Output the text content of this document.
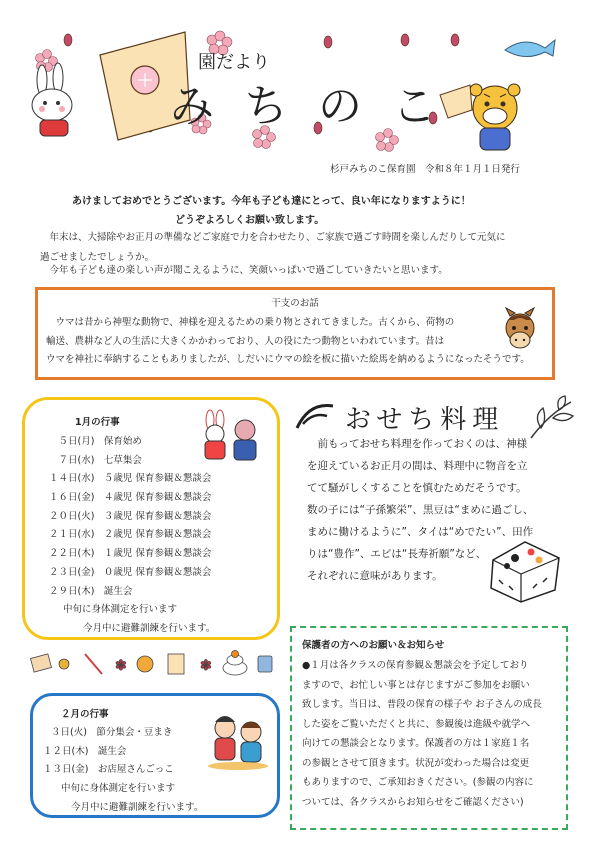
園だより
みちのこ
杉戸みちのこ保育園　令和８年１月１日発行
あけましておめでとうございます。今年も子ども達にとって、良い年になりますように！
どうぞよろしくお願い致します。
　年末は、大掃除やお正月の準備などご家庭で力を合わせたり、ご家族で過ごす時間を楽しんだりして元気に
過ごせましたでしょうか。
　今年も子ども達の楽しい声が聞こえるように、笑顔いっぱいで過ごしていきたいと思います。
干支のお話
　ウマは昔から神聖な動物で、神様を迎えるための乗り物とされてきました。古くから、荷物の
輸送、農耕など人の生活に大きくかかわっており、人の役にたつ動物といわれています。昔は
ウマを神社に奉納することもありましたが、しだいにウマの絵を板に描いた絵馬を納めるようになったそうです。
1月の行事
　５日(月)　保育始め
　７日(水)　七草集会
１４日(水)　５歳児 保育参観＆懇談会
１６日(金)　４歳児 保育参観＆懇談会
２０日(火)　３歳児 保育参観＆懇談会
２１日(水)　２歳児 保育参観＆懇談会
２２日(木)　１歳児 保育参観＆懇談会
２３日(金)　０歳児 保育参観＆懇談会
２９日(木)　誕生会
中旬に身体測定を行います
今月中に避難訓練を行います。
✽	✽
２月の行事
３日(火)　節分集会・豆まき
１２日(木)　誕生会
１３日(金)　お店屋さんごっこ
中旬に身体測定を行います
今月中に避難訓練を行います。
おせち料理
　前もっておせち料理を作っておくのは、神様
を迎えているお正月の間は、料理中に物音を立
てて騒がしくすることを慎むためだそうです。
数の子には“子孫繁栄”、黒豆は“まめに過ごし、
まめに働けるように”、タイは“めでたい”、田作
りは“豊作”、エビは“長寿祈願”など、
それぞれに意味があります。
保護者の方へのお願い＆お知らせ
●１月は各クラスの保育参観＆懇談会を予定しており
ますので、お忙しい事とは存じますがご参加をお願い
致します。当日は、普段の保育の様子や お子さんの成長
した姿をご覧いただくと共に、参観後は進級や就学へ
向けての懇談会となります。保護者の方は１家庭１名
の参観とさせて頂きます。状況が変わった場合は変更
もありますので、ご承知おきください。(参観の内容に
ついては、各クラスからお知らせをご確認ください)
